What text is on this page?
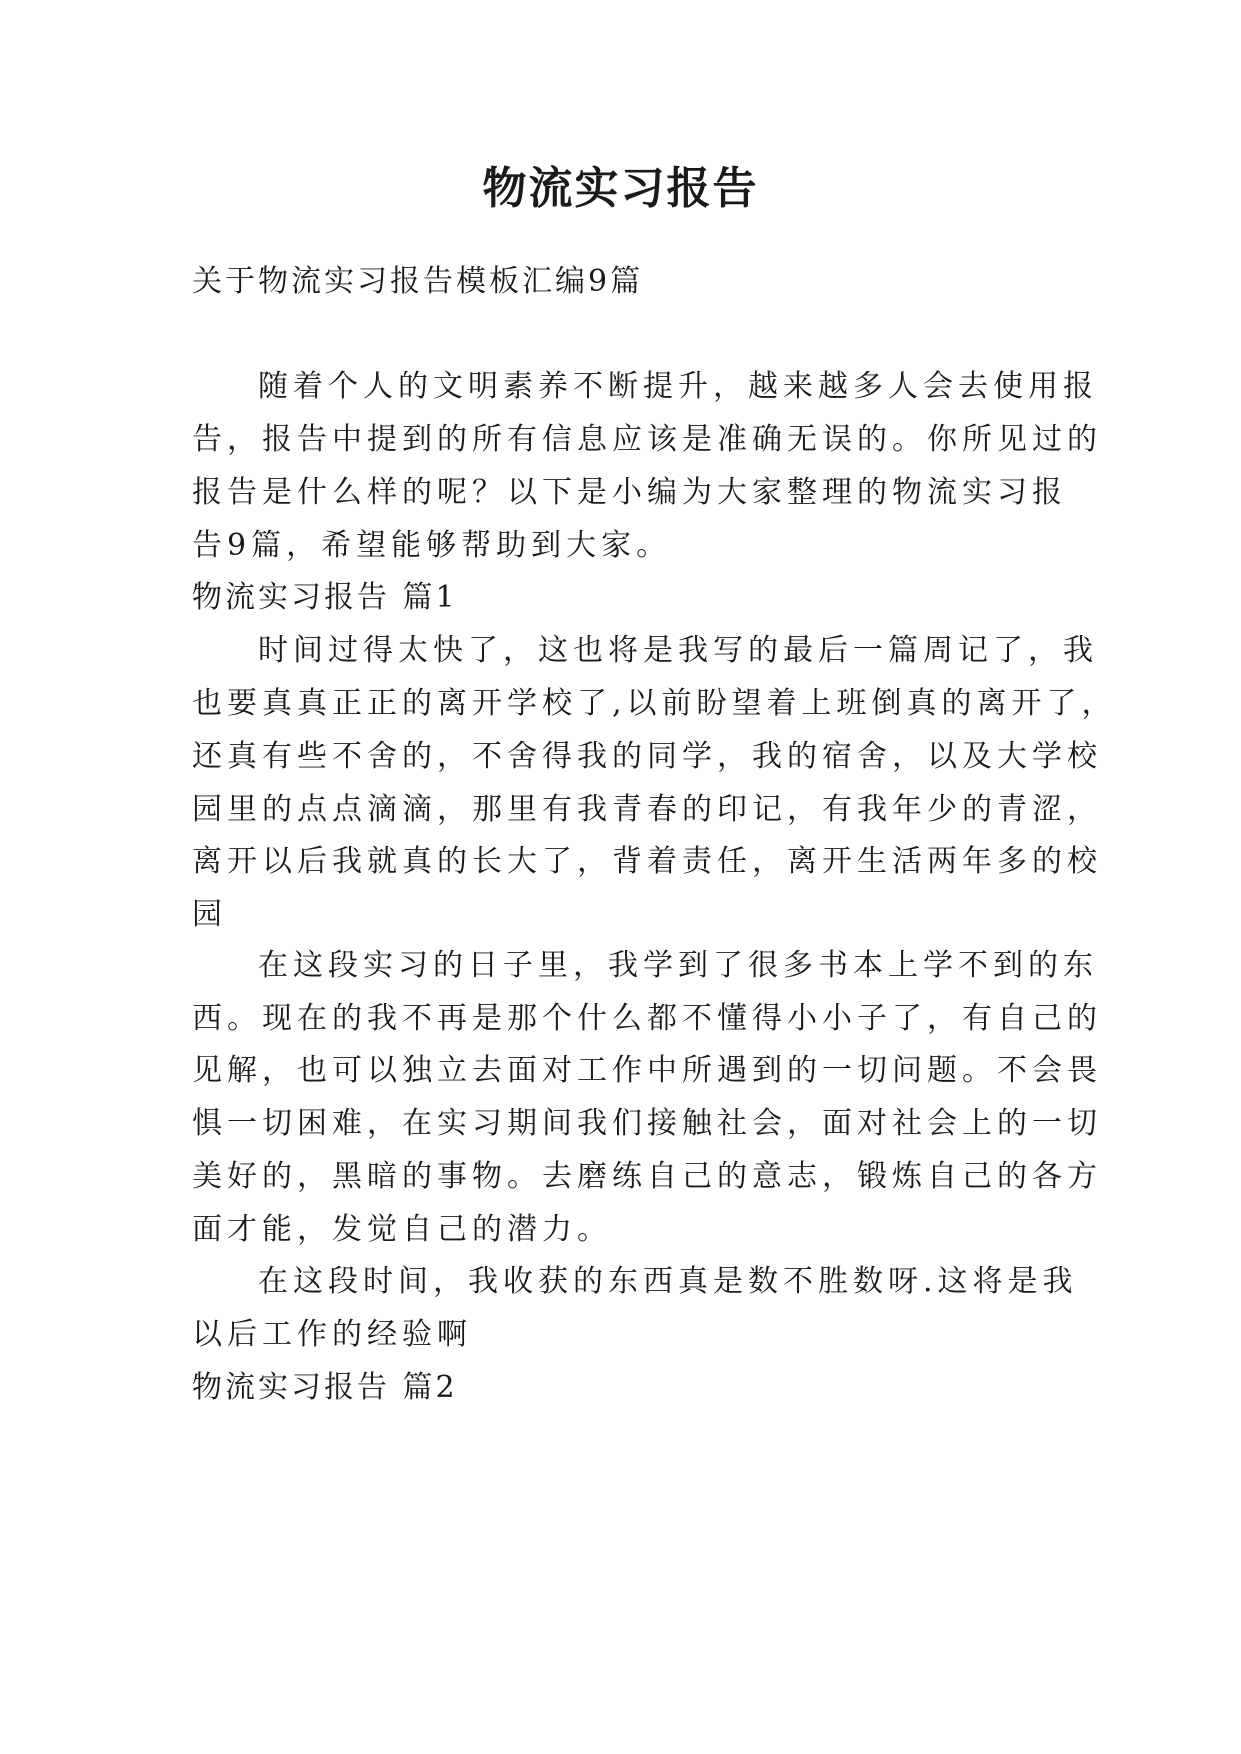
物流实习报告
关于物流实习报告模板汇编9篇
随着个人的文明素养不断提升，越来越多人会去使用报
告，报告中提到的所有信息应该是准确无误的。你所见过的
报告是什么样的呢？以下是小编为大家整理的物流实习报
告9篇，希望能够帮助到大家。
物流实习报告 篇1
时间过得太快了，这也将是我写的最后一篇周记了，我
也要真真正正的离开学校了,以前盼望着上班倒真的离开了，
还真有些不舍的，不舍得我的同学，我的宿舍，以及大学校
园里的点点滴滴，那里有我青春的印记，有我年少的青涩，
离开以后我就真的长大了，背着责任，离开生活两年多的校
园
在这段实习的日子里，我学到了很多书本上学不到的东
西。现在的我不再是那个什么都不懂得小小子了，有自己的
见解，也可以独立去面对工作中所遇到的一切问题。不会畏
惧一切困难，在实习期间我们接触社会，面对社会上的一切
美好的，黑暗的事物。去磨练自己的意志，锻炼自己的各方
面才能，发觉自己的潜力。
在这段时间，我收获的东西真是数不胜数呀.这将是我
以后工作的经验啊
物流实习报告 篇2
